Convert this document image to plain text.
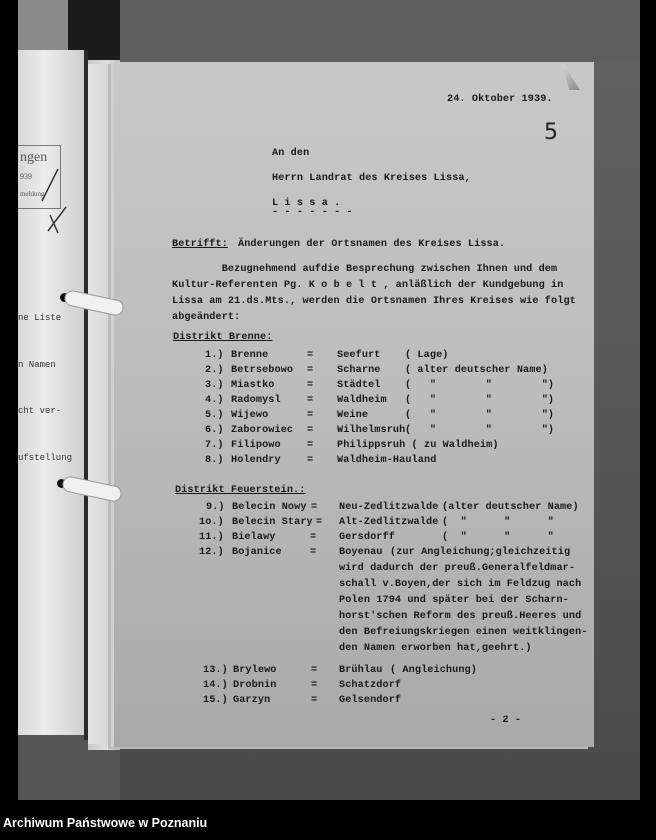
ngen
939
meldung

ne Liste

n Namen

cht ver-

ufstellung

24. Oktober 1939.
5
An den
Herrn Landrat des Kreises Lissa,
L i s s a .
- - - - - - -
Betrifft: Änderungen der Ortsnamen des Kreises Lissa.
Bezugnehmend aufdie Besprechung zwischen Ihnen und dem
Kultur-Referenten Pg. K o b e l t , anläßlich der Kundgebung in
Lissa am 21.ds.Mts., werden die Ortsnamen Ihres Kreises wie folgt
abgeändert:
Distrikt Brenne:
1.) Brenne	= Seefurt ( Lage)
2.) Betrsebowo = Scharne ( alter deutscher Name)
3.) Miastko	= Städtel (   "        "        ")
4.) Radomysl	= Waldheim (   "        "        ")
5.) Wijewo	= Weine	(   "        "        ")
6.) Zaborowiec = Wilhelmsruh (   "        "        ")
7.) Filipowo	= Philippsruh ( zu Waldheim)
8.) Holendry	= Waldheim-Hauland
Distrikt Feuerstein.:
9.) Belecin Nowy = Neu-Zedlitzwalde (alter deutscher Name)
1o.) Belecin Stary = Alt-Zedlitzwalde (  "      "      "
11.) Bielawy	= Gersdorff	(  "      "      "
12.) Bojanice	= Boyenau (zur Angleichung;gleichzeitig
wird dadurch der preuß.Generalfeldmar-
schall v.Boyen,der sich im Feldzug nach
Polen 1794 und später bei der Scharn-
horst'schen Reform des preuß.Heeres und
den Befreiungskriegen einen weitklingen-
den Namen erworben hat,geehrt.)
13.) Brylewo	= Brühlau ( Angleichung)
14.) Drobnin	= Schatzdorf
15.) Garzyn	= Gelsendorf
- 2 -
Archiwum Państwowe w Poznaniu
